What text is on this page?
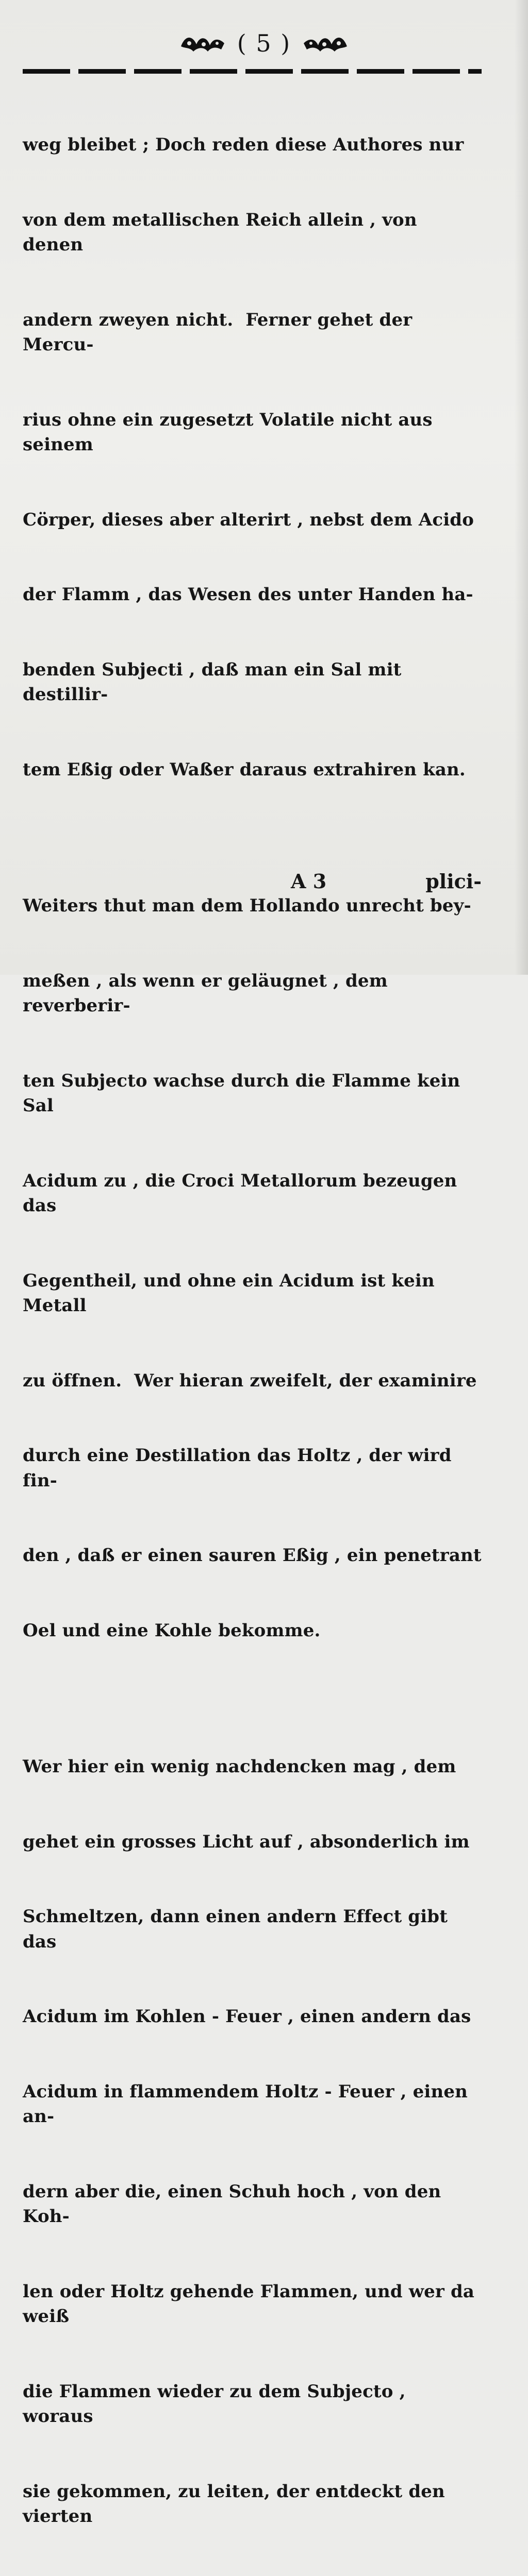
( 5 )

weg bleibet ; Doch reden diese Authores nur

von dem metallischen Reich allein , von denen

andern zweyen nicht.  Ferner gehet der Mercu-

rius ohne ein zugesetzt Volatile nicht aus seinem

Cörper, dieses aber alterirt , nebst dem Acido

der Flamm , das Wesen des unter Handen ha-

benden Subjecti , daß man ein Sal mit destillir-

tem Eßig oder Waßer daraus extrahiren kan.

Weiters thut man dem Hollando unrecht bey-

meßen , als wenn er geläugnet , dem reverberir-

ten Subjecto wachse durch die Flamme kein Sal

Acidum zu , die Croci Metallorum bezeugen das

Gegentheil, und ohne ein Acidum ist kein Metall

zu öffnen.  Wer hieran zweifelt, der examinire

durch eine Destillation das Holtz , der wird fin-

den , daß er einen sauren Eßig , ein penetrant

Oel und eine Kohle bekomme.

Wer hier ein wenig nachdencken mag , dem

gehet ein grosses Licht auf , absonderlich im

Schmeltzen, dann einen andern Effect gibt das

Acidum im Kohlen - Feuer , einen andern das

Acidum in flammendem Holtz - Feuer , einen an-

dern aber die, einen Schuh hoch , von den Koh-

len oder Holtz gehende Flammen, und wer da weiß

die Flammen wieder zu dem Subjecto , woraus

sie gekommen, zu leiten, der entdeckt den vierten

A 3	plici-
